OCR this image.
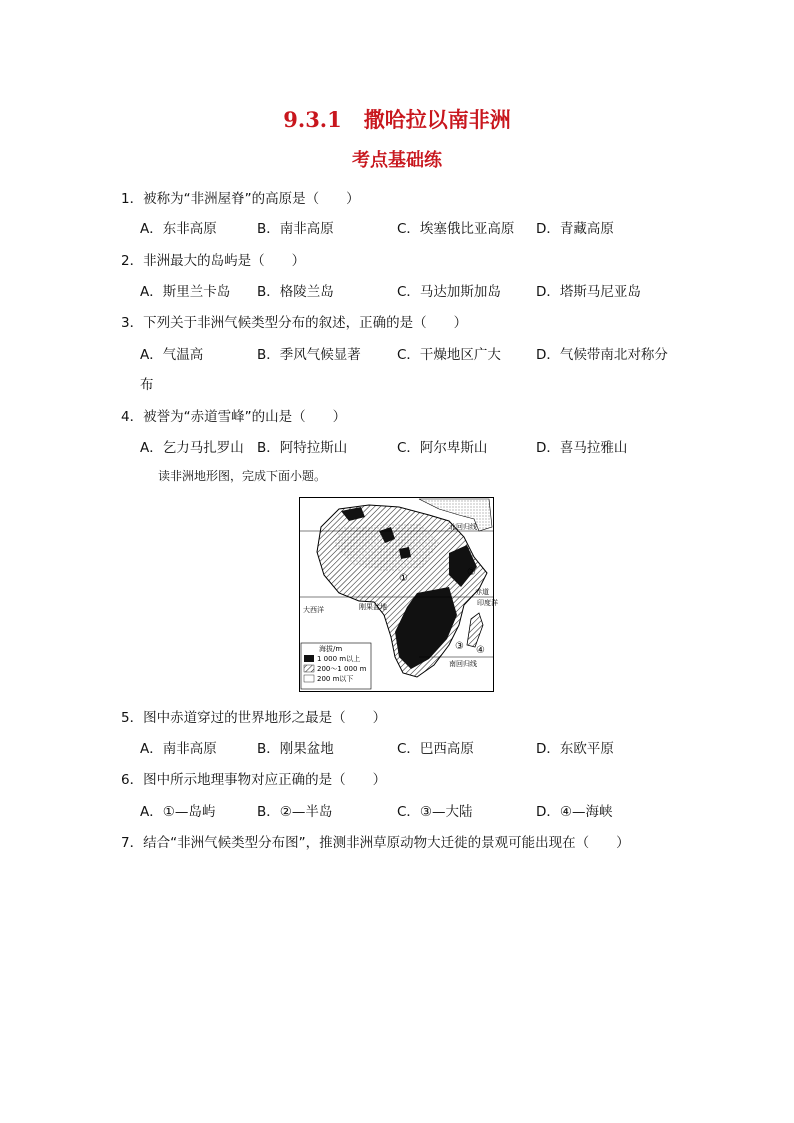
9.3.1 撒哈拉以南非洲
考点基础练
1．被称为“非洲屋脊”的高原是（　　）
A．东非高原	B．南非高原	C．埃塞俄比亚高原 D．青藏高原
2．非洲最大的岛屿是（　　）
A．斯里兰卡岛 B．格陵兰岛	C．马达加斯加岛	D．塔斯马尼亚岛
3．下列关于非洲气候类型分布的叙述，正确的是（　　）
A．气温高	B．季风气候显著	C．干燥地区广大	D．气候带南北对称分
布
4．被誉为“赤道雪峰”的山是（　　）
A．乞力马扎罗山 B．阿特拉斯山	C．阿尔卑斯山	D．喜马拉雅山
读非洲地形图，完成下面小题。
北回归线
赤道
印度洋
大西洋	刚果盆地
南回归线
①
②
③ ④
海拔/m
1 000 m以上
200～1 000 m
200 m以下
5．图中赤道穿过的世界地形之最是（　　）
A．南非高原	B．刚果盆地	C．巴西高原	D．东欧平原
6．图中所示地理事物对应正确的是（　　）
A．①—岛屿	B．②—半岛	C．③—大陆	D．④—海峡
7．结合“非洲气候类型分布图”，推测非洲草原动物大迁徙的景观可能出现在（　　）
